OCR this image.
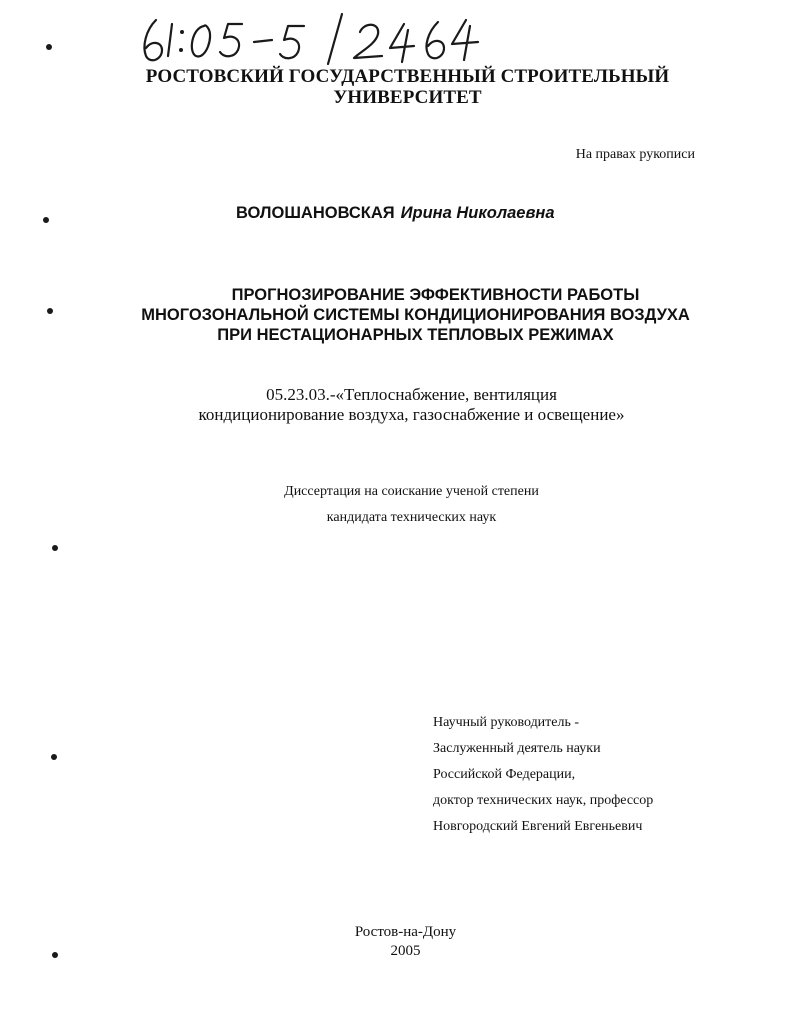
РОСТОВСКИЙ ГОСУДАРСТВЕННЫЙ СТРОИТЕЛЬНЫЙ
УНИВЕРСИТЕТ
На правах рукописи
ВОЛОШАНОВСКАЯ Ирина Николаевна
ПРОГНОЗИРОВАНИЕ ЭФФЕКТИВНОСТИ РАБОТЫ
МНОГОЗОНАЛЬНОЙ СИСТЕМЫ КОНДИЦИОНИРОВАНИЯ ВОЗДУХА
ПРИ НЕСТАЦИОНАРНЫХ ТЕПЛОВЫХ РЕЖИМАХ
05.23.03.-«Теплоснабжение, вентиляция
кондиционирование воздуха, газоснабжение и освещение»
Диссертация на соискание ученой степени
кандидата технических наук
Научный руководитель -
Заслуженный деятель науки
Российской Федерации,
доктор технических наук, профессор
Новгородский Евгений Евгеньевич
Ростов-на-Дону
2005
